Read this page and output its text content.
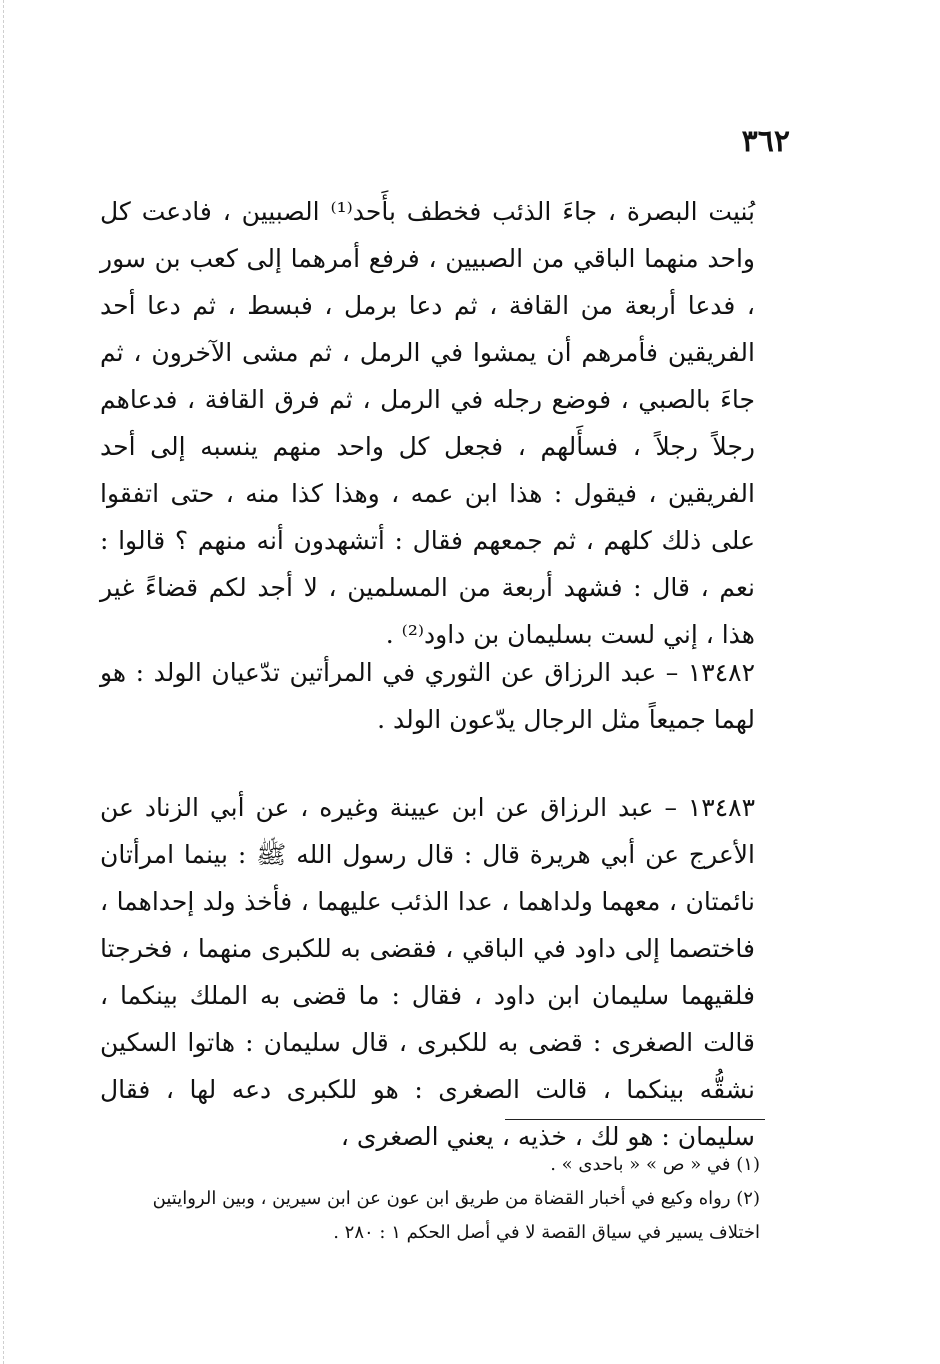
٣٦٢

بُنيت البصرة ، جاءَ الذئب فخطف بأَحد⁽¹⁾ الصبيين ، فادعت كل واحد منهما الباقي من الصبيين ، فرفع أمرهما إلى كعب بن سور ، فدعا أربعة من القافة ، ثم دعا برمل ، فبسط ، ثم دعا أحد الفريقين فأمرهم أن يمشوا في الرمل ، ثم مشى الآخرون ، ثم جاءَ بالصبي ، فوضع رجله في الرمل ، ثم فرق القافة ، فدعاهم رجلاً رجلاً ، فسأَلهم ، فجعل كل واحد منهم ينسبه إلى أحد الفريقين ، فيقول : هذا ابن عمه ، وهذا كذا منه ، حتى اتفقوا على ذلك كلهم ، ثم جمعهم فقال : أتشهدون أنه منهم ؟ قالوا : نعم ، قال : فشهد أربعة من المسلمين ، لا أجد لكم قضاءً غير هذا ، إني لست بسليمان بن داود⁽²⁾ .

١٣٤٨٢ – عبد الرزاق عن الثوري في المرأتين تدّعيان الولد : هو لهما جميعاً مثل الرجال يدّعون الولد .

١٣٤٨٣ – عبد الرزاق عن ابن عيينة وغيره ، عن أبي الزناد عن الأعرج عن أبي هريرة قال : قال رسول الله ﷺ : بينما امرأتان نائمتان ، معهما ولداهما ، عدا الذئب عليهما ، فأخذ ولد إحداهما ، فاختصما إلى داود في الباقي ، فقضى به للكبرى منهما ، فخرجتا فلقيهما سليمان ابن داود ، فقال : ما قضى به الملك بينكما ، قالت الصغرى : قضى به للكبرى ، قال سليمان : هاتوا السكين نشقُّه بينكما ، قالت الصغرى : هو للكبرى دعه لها ، فقال سليمان : هو لك ، خذيه ، يعني الصغرى ،

(١) في « ص » « باحدى » .

(٢) رواه وكيع في أخبار القضاة من طريق ابن عون عن ابن سيرين ، وبين الروايتين اختلاف يسير في سياق القصة لا في أصل الحكم ١ : ٢٨٠ .
